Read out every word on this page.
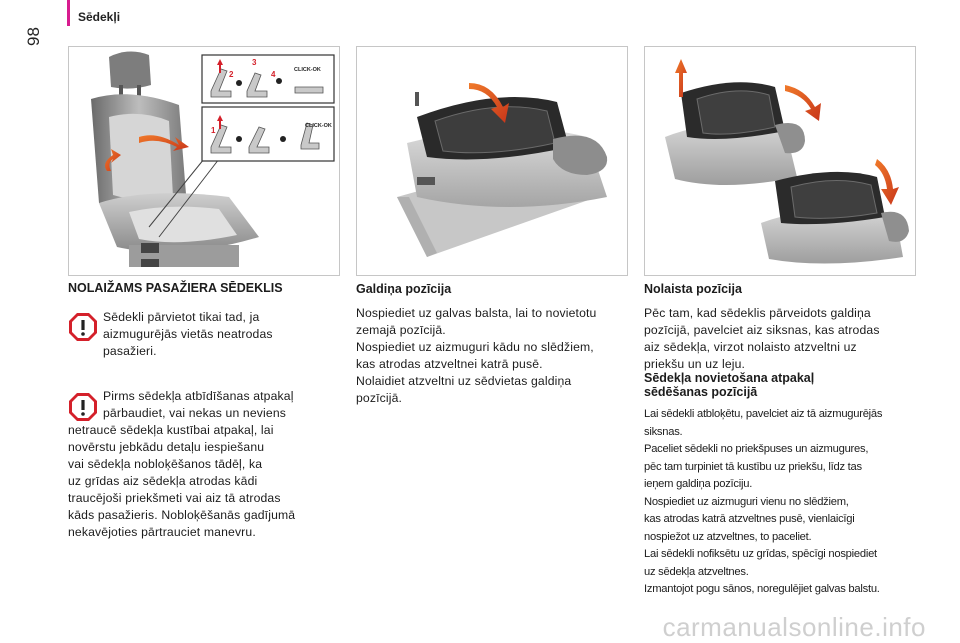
Sēdekļi
98
2
3
4
1
CLICK-OK
CLICK-OK
NOLAIŽAMS PASAŽIERA SĒDEKLIS
Sēdekli pārvietot tikai tad, ja
aizmugurējās vietās neatrodas
pasažieri.
Pirms sēdekļa atbīdīšanas atpakaļ
pārbaudiet, vai nekas un neviens
netraucē sēdekļa kustībai atpakaļ, lai
novērstu jebkādu detaļu iespiešanu
vai sēdekļa nobloķēšanos tādēļ, ka
uz grīdas aiz sēdekļa atrodas kādi
traucējoši priekšmeti vai aiz tā atrodas
kāds pasažieris. Nobloķēšanās gadījumā
nekavējoties pārtrauciet manevru.
Galdiņa pozīcija
Nospiediet uz galvas balsta, lai to novietotu
zemajā pozīcijā.
Nospiediet uz aizmuguri kādu no slēdžiem,
kas atrodas atzveltnei katrā pusē.
Nolaidiet atzveltni uz sēdvietas galdiņa
pozīcijā.
Nolaista pozīcija
Pēc tam, kad sēdeklis pārveidots galdiņa
pozīcijā, pavelciet aiz siksnas, kas atrodas
aiz sēdekļa, virzot nolaisto atzveltni uz
priekšu un uz leju.
Sēdekļa novietošana atpakaļ
sēdēšanas pozīcijā
Lai sēdekli atbloķētu, pavelciet aiz tā aizmugurējās
siksnas.
Paceliet sēdekli no priekšpuses un aizmugures,
pēc tam turpiniet tā kustību uz priekšu, līdz tas
ieņem galdiņa pozīciju.
Nospiediet uz aizmuguri vienu no slēdžiem,
kas atrodas katrā atzveltnes pusē, vienlaicīgi
nospiežot uz atzveltnes, to paceliet.
Lai sēdekli nofiksētu uz grīdas, spēcīgi nospiediet
uz sēdekļa atzveltnes.
Izmantojot pogu sānos, noregulējiet galvas balstu.
carmanualsonline.info
